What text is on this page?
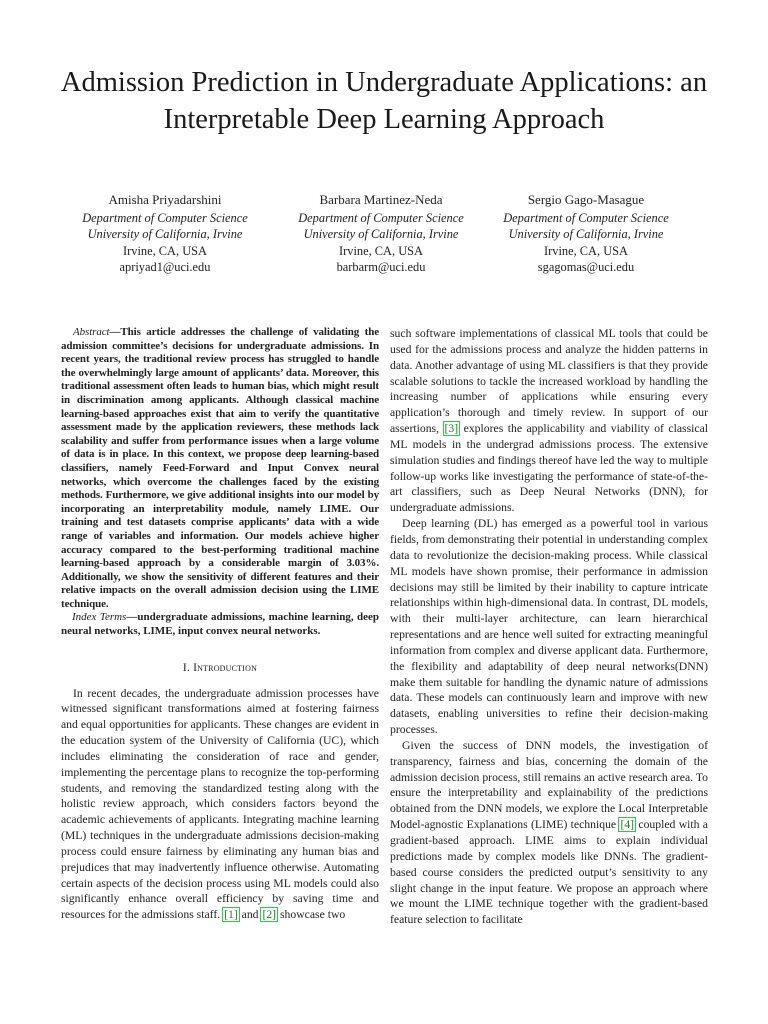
Admission Prediction in Undergraduate Applications: an Interpretable Deep Learning Approach
Amisha Priyadarshini
Department of Computer Science
University of California, Irvine
Irvine, CA, USA
apriyad1@uci.edu
Barbara Martinez-Neda
Department of Computer Science
University of California, Irvine
Irvine, CA, USA
barbarm@uci.edu
Sergio Gago-Masague
Department of Computer Science
University of California, Irvine
Irvine, CA, USA
sgagomas@uci.edu

Abstract—This article addresses the challenge of validating the admission committee’s decisions for undergraduate admissions. In recent years, the traditional review process has struggled to handle the overwhelmingly large amount of applicants’ data. Moreover, this traditional assessment often leads to human bias, which might result in discrimination among applicants. Although classical machine learning-based approaches exist that aim to verify the quantitative assessment made by the application reviewers, these methods lack scalability and suffer from performance issues when a large volume of data is in place. In this context, we propose deep learning-based classifiers, namely Feed-Forward and Input Convex neural networks, which overcome the challenges faced by the existing methods. Furthermore, we give additional insights into our model by incorporating an interpretability module, namely LIME. Our training and test datasets comprise applicants’ data with a wide range of variables and information. Our models achieve higher accuracy compared to the best-performing traditional machine learning-based approach by a considerable margin of 3.03%. Additionally, we show the sensitivity of different features and their relative impacts on the overall admission decision using the LIME technique.

Index Terms—undergraduate admissions, machine learning, deep neural networks, LIME, input convex neural networks.

I. Introduction

In recent decades, the undergraduate admission processes have witnessed significant transformations aimed at fostering fairness and equal opportunities for applicants. These changes are evident in the education system of the University of California (UC), which includes eliminating the consideration of race and gender, implementing the percentage plans to recognize the top-performing students, and removing the standardized testing along with the holistic review approach, which considers factors beyond the academic achievements of applicants. Integrating machine learning (ML) techniques in the undergraduate admissions decision-making process could ensure fairness by eliminating any human bias and prejudices that may inadvertently influence otherwise. Automating certain aspects of the decision process using ML models could also significantly enhance overall efficiency by saving time and resources for the admissions staff. [1] and [2] showcase two

such software implementations of classical ML tools that could be used for the admissions process and analyze the hidden patterns in data. Another advantage of using ML classifiers is that they provide scalable solutions to tackle the increased workload by handling the increasing number of applications while ensuring every application’s thorough and timely review. In support of our assertions, [3] explores the applicability and viability of classical ML models in the undergrad admissions process. The extensive simulation studies and findings thereof have led the way to multiple follow-up works like investigating the performance of state-of-the-art classifiers, such as Deep Neural Networks (DNN), for undergraduate admissions.

Deep learning (DL) has emerged as a powerful tool in various fields, from demonstrating their potential in understanding complex data to revolutionize the decision-making process. While classical ML models have shown promise, their performance in admission decisions may still be limited by their inability to capture intricate relationships within high-dimensional data. In contrast, DL models, with their multi-layer architecture, can learn hierarchical representations and are hence well suited for extracting meaningful information from complex and diverse applicant data. Furthermore, the flexibility and adaptability of deep neural networks(DNN) make them suitable for handling the dynamic nature of admissions data. These models can continuously learn and improve with new datasets, enabling universities to refine their decision-making processes.

Given the success of DNN models, the investigation of transparency, fairness and bias, concerning the domain of the admission decision process, still remains an active research area. To ensure the interpretability and explainability of the predictions obtained from the DNN models, we explore the Local Interpretable Model-agnostic Explanations (LIME) technique [4] coupled with a gradient-based approach. LIME aims to explain individual predictions made by complex models like DNNs. The gradient-based course considers the predicted output’s sensitivity to any slight change in the input feature. We propose an approach where we mount the LIME technique together with the gradient-based feature selection to facilitate
